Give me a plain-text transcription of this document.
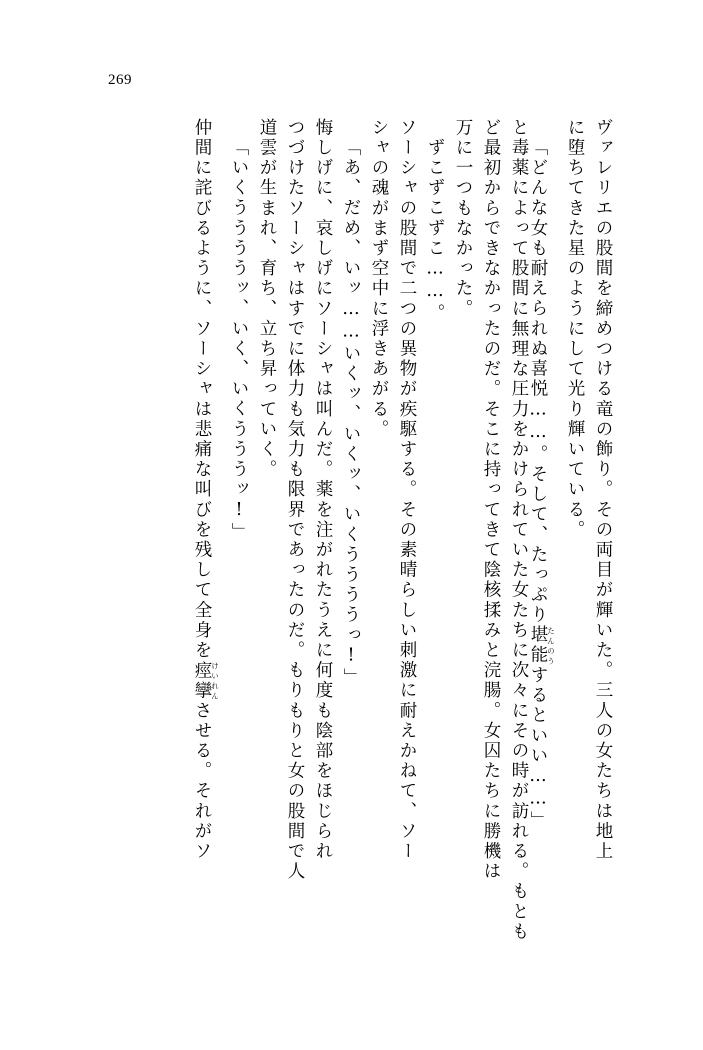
269
ヴァレリエの股間を締めつける竜の飾り。その両目が輝いた。三人の女たちは地上
に堕ちてきた星のようにして光り輝いている。
「どんな女も耐えられぬ喜悦……。そして、たっぷり堪能たんのうするといい……」
と毒薬によって股間に無理な圧力をかけられていた女たちに次々にその時が訪れる。もとも
ど最初からできなかったのだ。そこに持ってきて陰核揉みと浣腸。女囚たちに勝機は
万に一つもなかった。
ずこずこずこ……。
ソーシャの股間で二つの異物が疾駆する。その素晴らしい刺激に耐えかねて、ソー
シャの魂がまず空中に浮きあがる。
「あ、だめ、いッ……いくッ、いくッ、いくううううっ!」
悔しげに、哀しげにソーシャは叫んだ。薬を注がれたうえに何度も陰部をほじられ
つづけたソーシャはすでに体力も気力も限界であったのだ。もりもりと女の股間で人
道雲が生まれ、育ち、立ち昇っていく。
「いくううううッ、いく、いくうううッ!」
仲間に詫びるように、ソーシャは悲痛な叫びを残して全身を痙攣けいれんさせる。それがソ
